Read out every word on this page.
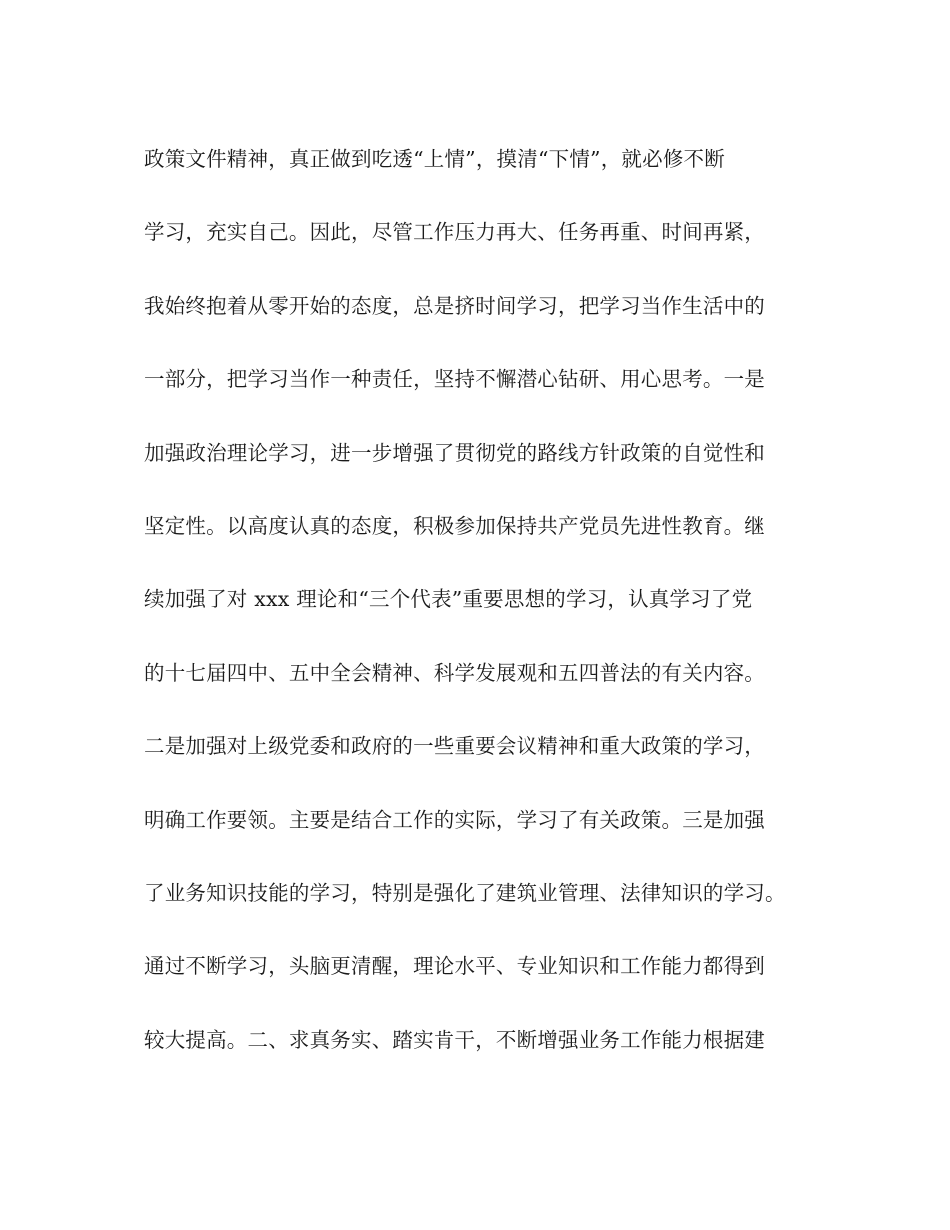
政策文件精神，真正做到吃透“上情”，摸清“下情”，就必修不断
学习，充实自己。因此，尽管工作压力再大、任务再重、时间再紧，
我始终抱着从零开始的态度，总是挤时间学习，把学习当作生活中的
一部分，把学习当作一种责任，坚持不懈潜心钻研、用心思考。一是
加强政治理论学习，进一步增强了贯彻党的路线方针政策的自觉性和
坚定性。以高度认真的态度，积极参加保持共产党员先进性教育。继
续加强了对 xxx 理论和“三个代表”重要思想的学习，认真学习了党
的十七届四中、五中全会精神、科学发展观和五四普法的有关内容。
二是加强对上级党委和政府的一些重要会议精神和重大政策的学习，
明确工作要领。主要是结合工作的实际，学习了有关政策。三是加强
了业务知识技能的学习，特别是强化了建筑业管理、法律知识的学习。
通过不断学习，头脑更清醒，理论水平、专业知识和工作能力都得到
较大提高。二、求真务实、踏实肯干，不断增强业务工作能力根据建
